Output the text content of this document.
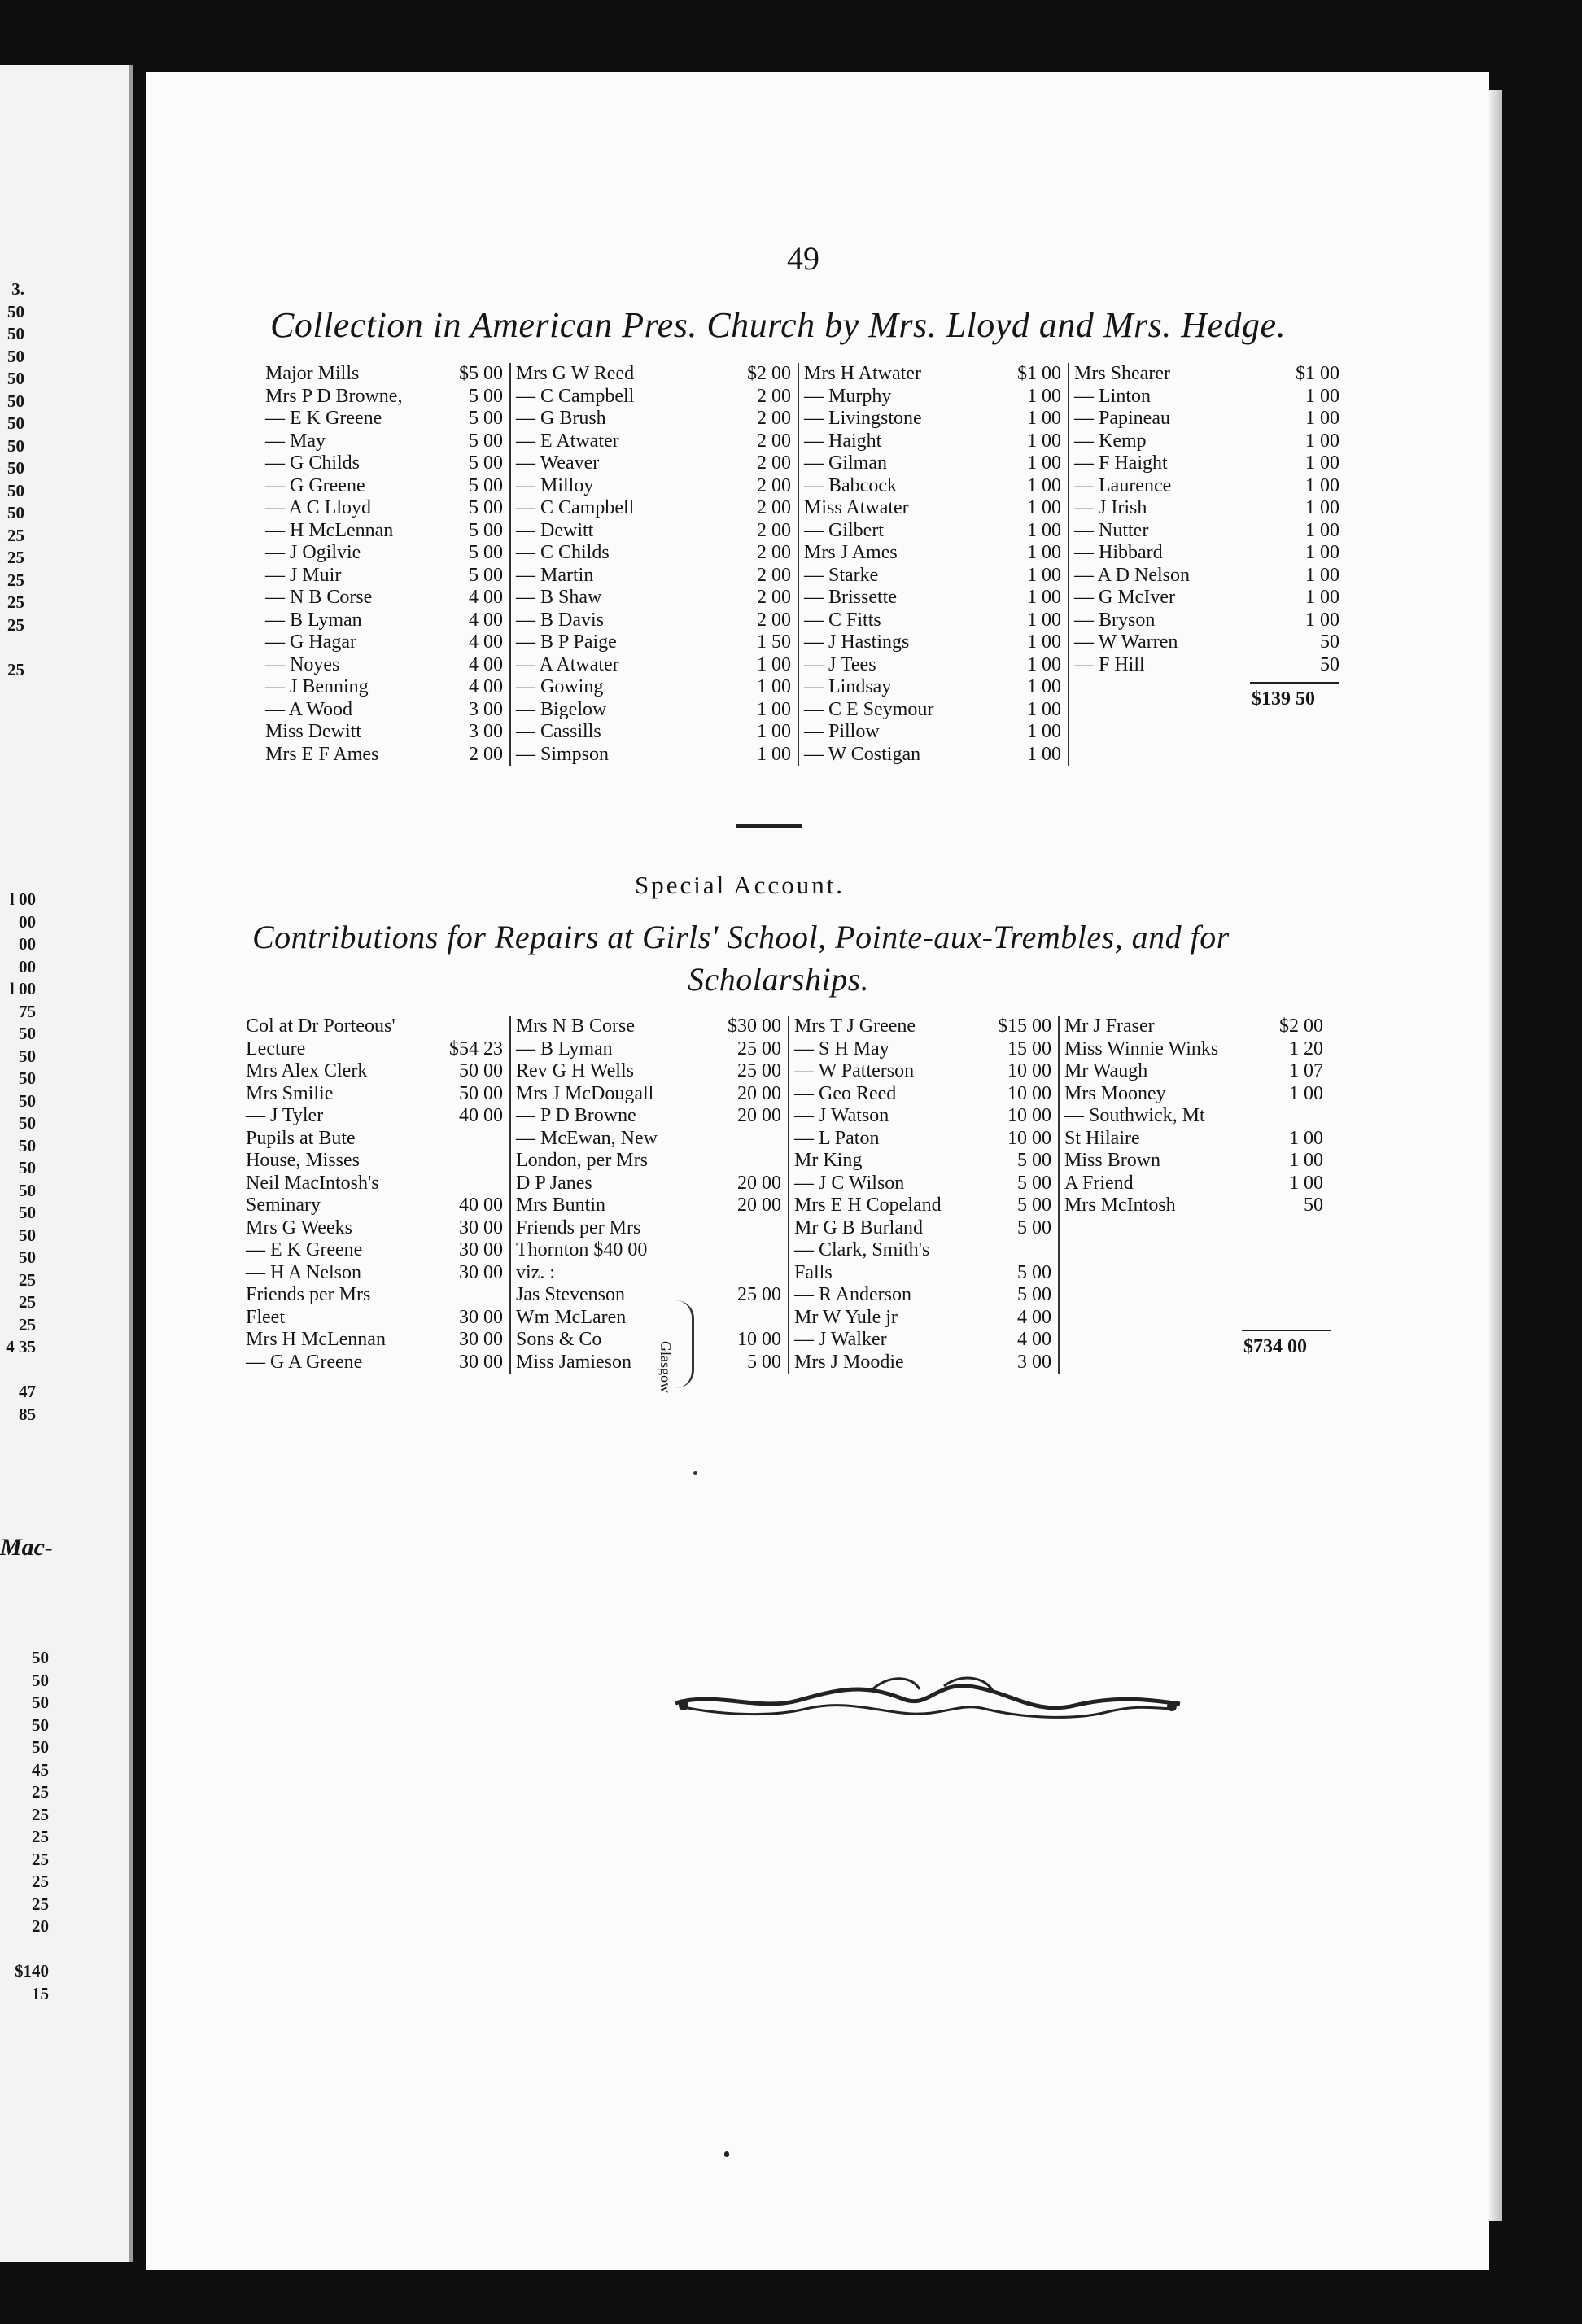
3.
50
50
50
50
50
50
50
50
50
50
25
25
25
25
25

25
l 00
00
00
00
l 00
75
50
50
50
50
50
50
50
50
50
50
50
25
25
25
4 35

47 85
Mac-
50
50
50
50
50
45
25
25
25
25
25
25
20

$140 15
49
Collection in American Pres. Church by Mrs. Lloyd and Mrs. Hedge.
Major Mills	$5 00
Mrs P D Browne,	5 00
— E K Greene	5 00
— May	5 00
— G Childs	5 00
— G Greene	5 00
— A C Lloyd	5 00
— H McLennan	5 00
— J Ogilvie	5 00
— J Muir	5 00
— N B Corse	4 00
— B Lyman	4 00
— G Hagar	4 00
— Noyes	4 00
— J Benning	4 00
— A Wood	3 00
Miss Dewitt	3 00
Mrs E F Ames	2 00
Mrs G W Reed	$2 00
— C Campbell	2 00
— G Brush	2 00
— E Atwater	2 00
— Weaver	2 00
— Milloy	2 00
— C Campbell	2 00
— Dewitt	2 00
— C Childs	2 00
— Martin	2 00
— B Shaw	2 00
— B Davis	2 00
— B P Paige	1 50
— A Atwater	1 00
— Gowing	1 00
— Bigelow	1 00
— Cassills	1 00
— Simpson	1 00
Mrs H Atwater	$1 00
— Murphy	1 00
— Livingstone	1 00
— Haight	1 00
— Gilman	1 00
— Babcock	1 00
Miss Atwater	1 00
— Gilbert	1 00
Mrs J Ames	1 00
— Starke	1 00
— Brissette	1 00
— C Fitts	1 00
— J Hastings	1 00
— J Tees	1 00
— Lindsay	1 00
— C E Seymour	1 00
— Pillow	1 00
— W Costigan	1 00
Mrs Shearer	$1 00
— Linton	1 00
— Papineau	1 00
— Kemp	1 00
— F Haight	1 00
— Laurence	1 00
— J Irish	1 00
— Nutter	1 00
— Hibbard	1 00
— A D Nelson	1 00
— G McIver	1 00
— Bryson	1 00
— W Warren	50
— F Hill	50
$139 50
Special Account.
Contributions for Repairs at Girls' School, Pointe-aux-Trembles, and for
Scholarships.
Col at Dr Porteous'
Lecture	$54 23
Mrs Alex Clerk	50 00
Mrs Smilie	50 00
— J Tyler	40 00
Pupils at Bute
House, Misses
Neil MacIntosh's
Seminary	40 00
Mrs G Weeks	30 00
— E K Greene	30 00
— H A Nelson	30 00
Friends per Mrs
Fleet	30 00
Mrs H McLennan	30 00
— G A Greene	30 00
Mrs N B Corse	$30 00
— B Lyman	25 00
Rev G H Wells	25 00
Mrs J McDougall	20 00
— P D Browne	20 00
— McEwan, New
London, per Mrs
D P Janes	20 00
Mrs Buntin	20 00
Friends per Mrs
Thornton $40 00
viz. :
Jas Stevenson	25 00
Wm McLaren
Sons & Co	10 00
Miss Jamieson	5 00
Mrs T J Greene	$15 00
— S H May	15 00
— W Patterson	10 00
— Geo Reed	10 00
— J Watson	10 00
— L Paton	10 00
Mr King	5 00
— J C Wilson	5 00
Mrs E H Copeland	5 00
Mr G B Burland	5 00
— Clark, Smith's
Falls	5 00
— R Anderson	5 00
Mr W Yule jr	4 00
— J Walker	4 00
Mrs J Moodie	3 00
Mr J Fraser	$2 00
Miss Winnie Winks	1 20
Mr Waugh	1 07
Mrs Mooney	1 00
— Southwick, Mt
St Hilaire	1 00
Miss Brown	1 00
A Friend	1 00
Mrs McIntosh	50
Glasgow	$734 00
